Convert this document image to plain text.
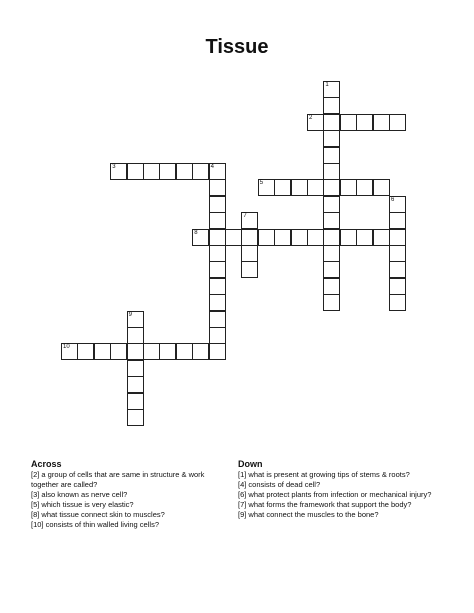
Tissue
2
3	4
5
8
10
1
6
7
9
Across
[2] a group of cells that are same in structure & work together are called?
[3] also known as nerve cell?
[5] which tissue is very elastic?
[8] what tissue connect skin to muscles?
[10] consists of thin walled living cells?
Down
[1] what is present at growing tips of stems & roots?
[4] consists of dead cell?
[6] what protect plants from infection or mechanical injury?
[7] what forms the framework that support the body?
[9] what connect the muscles to the bone?
